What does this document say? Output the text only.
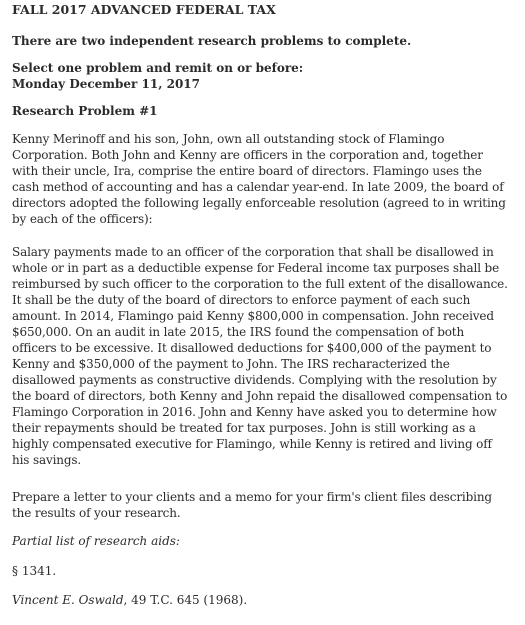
FALL 2017 ADVANCED FEDERAL TAX
There are two independent research problems to complete.
Select one problem and remit on or before:
Monday December 11, 2017
Research Problem #1
Kenny Merinoff and his son, John, own all outstanding stock of Flamingo Corporation. Both John and Kenny are officers in the corporation and, together with their uncle, Ira, comprise the entire board of directors. Flamingo uses the cash method of accounting and has a calendar year-end. In late 2009, the board of directors adopted the following legally enforceable resolution (agreed to in writing by each of the officers):
Salary payments made to an officer of the corporation that shall be disallowed in whole or in part as a deductible expense for Federal income tax purposes shall be reimbursed by such officer to the corporation to the full extent of the disallowance. It shall be the duty of the board of directors to enforce payment of each such amount. In 2014, Flamingo paid Kenny $800,000 in compensation. John received $650,000. On an audit in late 2015, the IRS found the compensation of both officers to be excessive. It disallowed deductions for $400,000 of the payment to Kenny and $350,000 of the payment to John. The IRS recharacterized the disallowed payments as constructive dividends. Complying with the resolution by the board of directors, both Kenny and John repaid the disallowed compensation to Flamingo Corporation in 2016. John and Kenny have asked you to determine how their repayments should be treated for tax purposes. John is still working as a highly compensated executive for Flamingo, while Kenny is retired and living off his savings.
Prepare a letter to your clients and a memo for your firm's client files describing the results of your research.
Partial list of research aids:
§ 1341.
Vincent E. Oswald, 49 T.C. 645 (1968).
